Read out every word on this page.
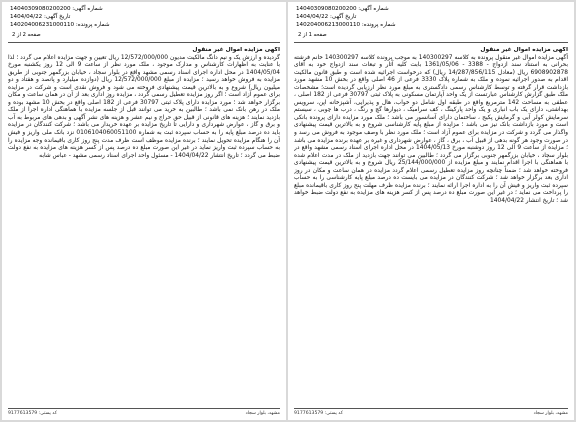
شماره آگهی: 14040309080200200
تاریخ آگهی: 1404/04/22
شماره پرونده: 140204006213000110
صفحه 1 از 2
آگهی مزایده اموال غیر منقول
آگهی مزایده اموال غیر منقول پرونده به کلاسه 140300297 به موجب پرونده کلاسه 140300297 خانم فرشته بحرانی به استناد سند ازدواج - 3388 - 1361/05/06 بابت کلیه آثار و تبعات سند ازدواج خود به آقای 6908902878 ریال (معادل 14/287/856/115 ریال) که درخواست اجرائیه شده است و طبق قانون مالکیت اقدام به صدور اجرائیه نموده و ملک به شماره پلاک 3330 فرعی از 46 اصلی واقع در بخش 10 مشهد مورد بازداشت قرار گرفته و توسط کارشناس رسمی دادگستری به مبلغ مورد نظر ارزیابی گردیده است؛ مشخصات ملک طبق گزارش کارشناس عبارتست از یک واحد آپارتمان مسکونی به پلاک ثبتی 30797 فرعی از 182 اصلی ، عطفی به مساحت 142 مترمربع واقع در طبقه اول شامل دو خواب، هال و پذیرایی، آشپزخانه اپن، سرویس بهداشتی، دارای یک باب انباری و یک واحد پارکینگ ، کف سرامیک ، دیوارها گچ و رنگ ، درب ها چوبی ، سیستم سرمایش کولر آبی و گرمایش پکیج ، ساختمان دارای آسانسور می باشد ؛ ملک مورد مزایده دارای پرونده بانکی است و مورد بازداشت بانک نیز می باشد ؛ مزایده از مبلغ پایه کارشناسی شروع و به بالاترین قیمت پیشنهادی واگذار می گردد و شرکت در مزایده برای عموم آزاد است ؛ ملک مورد نظر با وصف موجود به فروش می رسد و در صورت وجود هر گونه بدهی از قبیل آب ، برق ، گاز ، عوارض شهرداری و غیره بر عهده برنده مزایده می باشد ؛ مزایده از ساعت 9 الی 12 روز دوشنبه مورخ 1404/05/13 در محل اداره اجرای اسناد رسمی مشهد واقع در بلوار سجاد ، خیابان بزرگمهر جنوبی برگزار می گردد ؛ طالبین می توانند جهت بازدید از ملک در مدت اعلام شده با هماهنگی با اجرا اقدام نمایند و مبلغ مزایده از 25/144/000/000 ریال شروع و به بالاترین قیمت پیشنهادی فروخته خواهد شد ؛ ضمناً چنانچه روز مزایده تعطیل رسمی اعلام گردد مزایده در همان ساعت و مکان در روز اداری بعد برگزار خواهد شد ؛ شرکت کنندگان در مزایده می بایست ده درصد مبلغ پایه کارشناسی را به حساب سپرده ثبت واریز و فیش آن را به اداره اجرا ارائه نمایند ؛ برنده مزایده ظرف مهلت پنج روز کاری باقیمانده مبلغ را پرداخت می نماید ؛ در غیر این صورت مبلغ ده درصد پس از کسر هزینه های مزایده به نفع دولت ضبط خواهد شد ؛ تاریخ انتشار 1404/04/22
مشهد، بلوار سجاد
کد پستی: 9177613579
شماره آگهی: 14040309080200200
تاریخ آگهی: 1404/04/22
شماره پرونده: 140204006231000110
صفحه 2 از 2
آگهی مزایده اموال غیر منقول
گردیده و ارزش یک و نیم دانگ مالکیت مدیون 12/572/000/000 ریال تعیین و جهت مزایده اعلام می گردد ؛ لذا با عنایت به اظهارات کارشناس و مدارک موجود ، ملک مورد نظر از ساعت 9 الی 12 روز یکشنبه مورخ 1404/05/04 در محل اداره اجرای اسناد رسمی مشهد واقع در بلوار سجاد ، خیابان بزرگمهر جنوبی از طریق مزایده به فروش خواهد رسید ؛ مزایده از مبلغ 12/572/000/000 ریال (دوازده میلیارد و پانصد و هفتاد و دو میلیون ریال) شروع و به بالاترین قیمت پیشنهادی فروخته می شود و فروش نقدی است و شرکت در مزایده برای عموم آزاد است ؛ اگر روز مزایده تعطیل رسمی گردد ، مزایده روز اداری بعد از آن در همان ساعت و مکان برگزار خواهد شد ؛ مورد مزایده دارای پلاک ثبتی 30797 فرعی از 182 اصلی واقع در بخش 10 مشهد بوده و ملک در رهن بانک نمی باشد ؛ طالبین به خرید می توانند قبل از جلسه مزایده با هماهنگی اداره اجرا از ملک بازدید نمایند ؛ هزینه های قانونی از قبیل حق حراج و نیم عشر و هزینه های نشر آگهی و بدهی های مربوط به آب و برق و گاز ، عوارض شهرداری و دارایی تا تاریخ مزایده بر عهده خریدار می باشد ؛ شرکت کنندگان در مزایده باید ده درصد مبلغ پایه را به حساب سپرده ثبت به شماره 0106104060051100 نزد بانک ملی واریز و فیش آن را هنگام مزایده تحویل نمایند ؛ برنده مزایده موظف است ظرف مدت پنج روز کاری باقیمانده وجه مزایده را به حساب سپرده ثبت واریز نماید در غیر این صورت مبلغ ده درصد پس از کسر هزینه های مزایده به نفع دولت ضبط می گردد ؛ تاریخ انتشار 1404/04/22 - مسئول واحد اجرای اسناد رسمی مشهد - عباس شابه
مشهد، بلوار سجاد
کد پستی: 9177613579
